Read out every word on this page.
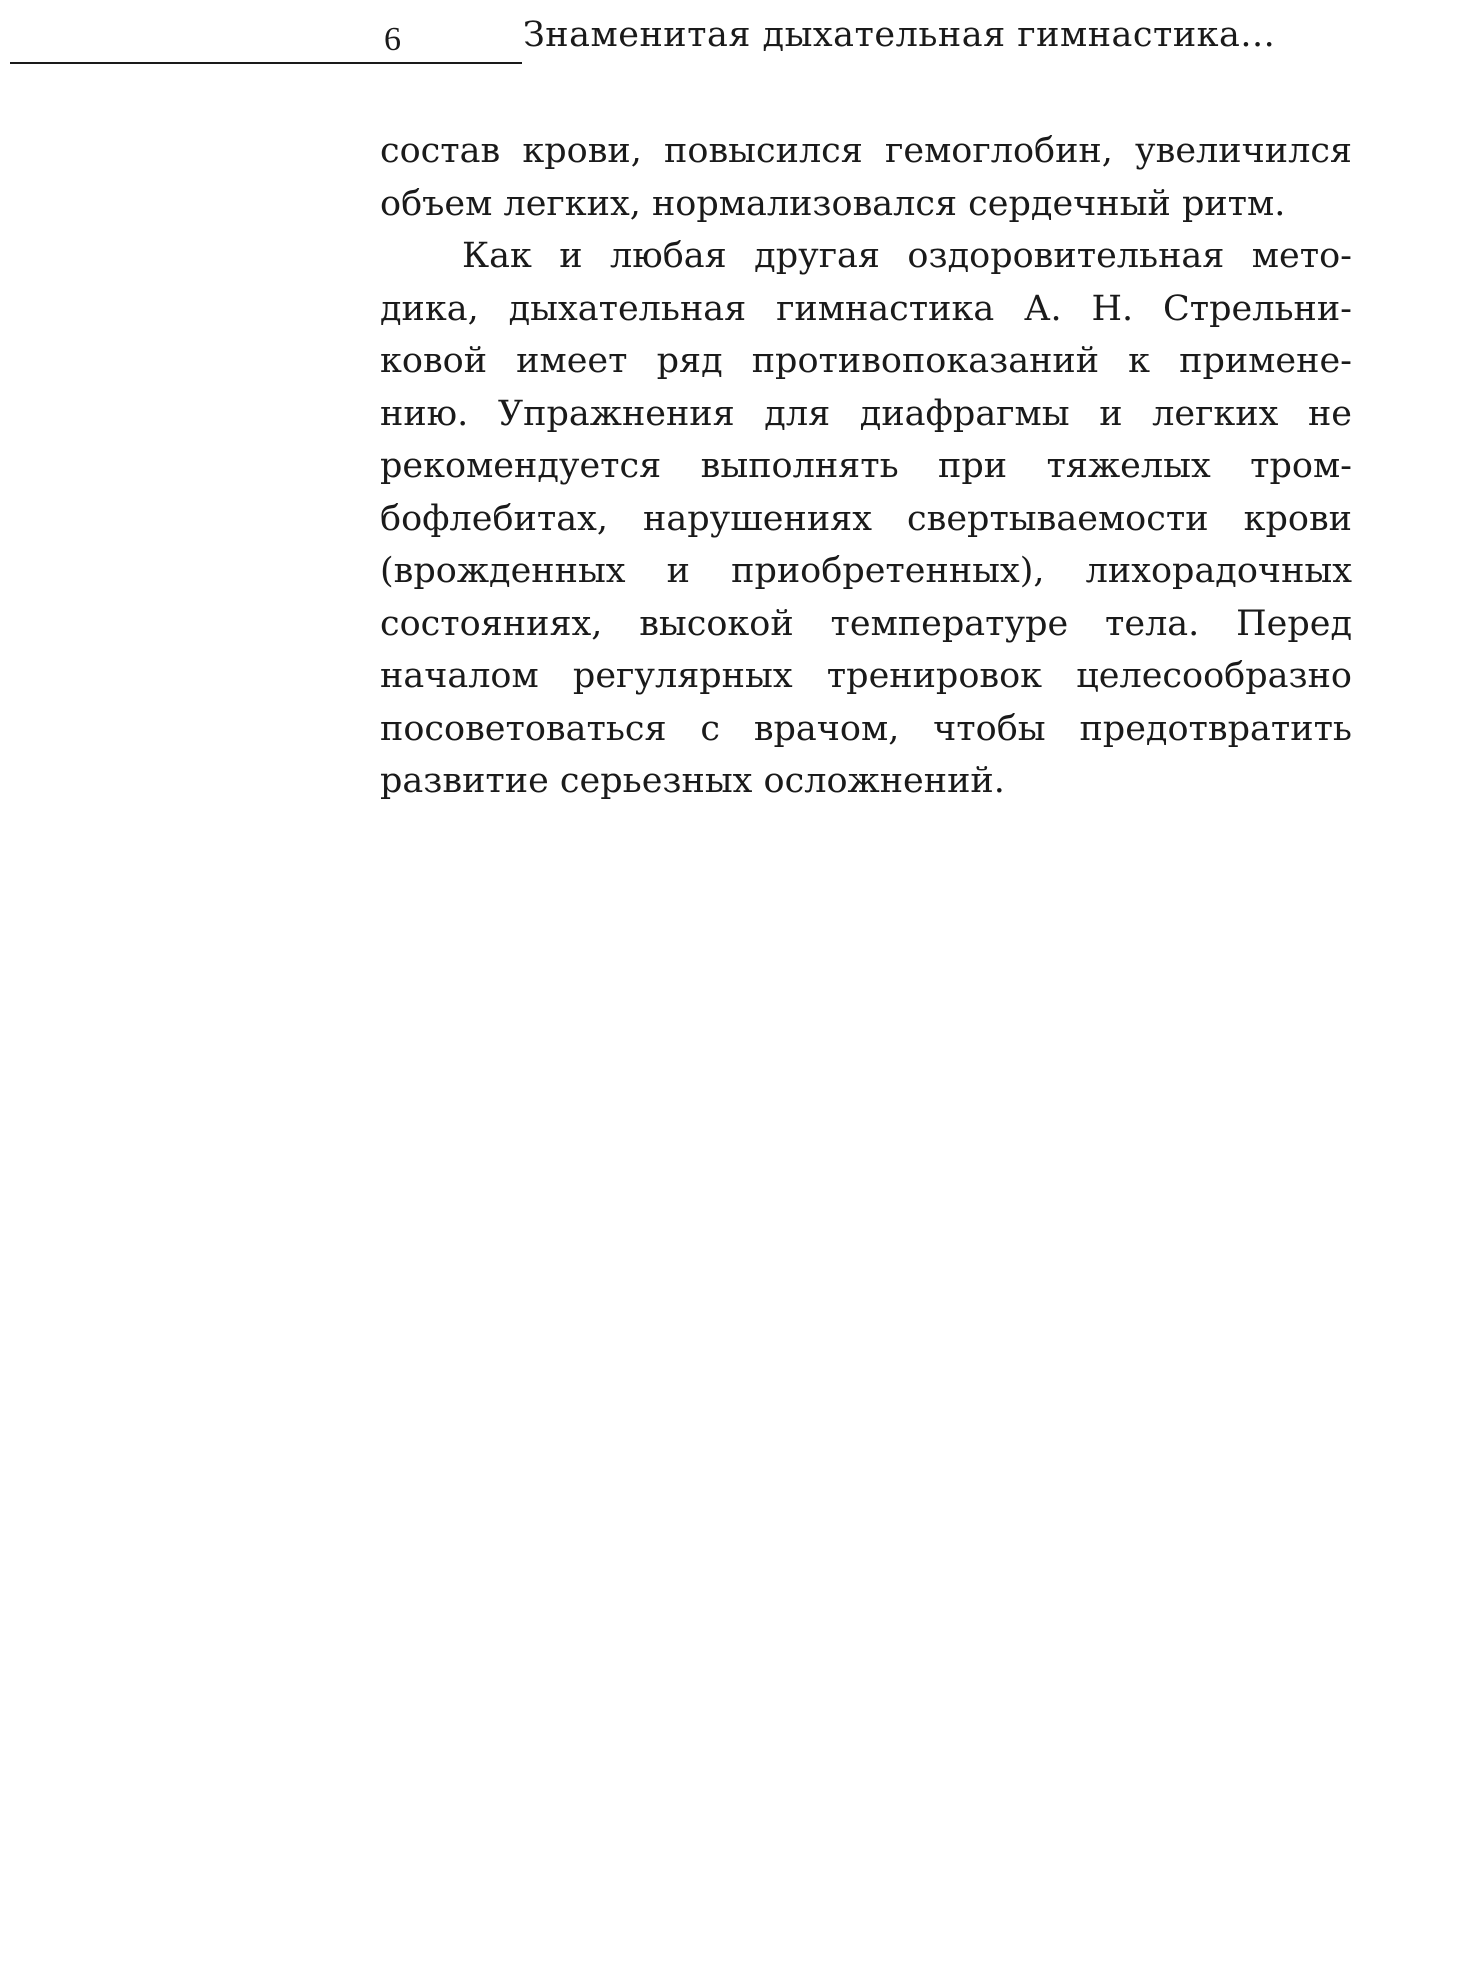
6	Знаменитая дыхательная гимнастика...
состав крови, повысился гемоглобин, увеличился
объем легких, нормализовался сердечный ритм.
Как и любая другая оздоровительная мето-
дика, дыхательная гимнастика А. Н. Стрельни-
ковой имеет ряд противопоказаний к примене-
нию. Упражнения для диафрагмы и легких не
рекомендуется выполнять при тяжелых тром-
бофлебитах, нарушениях свертываемости крови
(врожденных и приобретенных), лихорадочных
состояниях, высокой температуре тела. Перед
началом регулярных тренировок целесообразно
посоветоваться с врачом, чтобы предотвратить
развитие серьезных осложнений.
